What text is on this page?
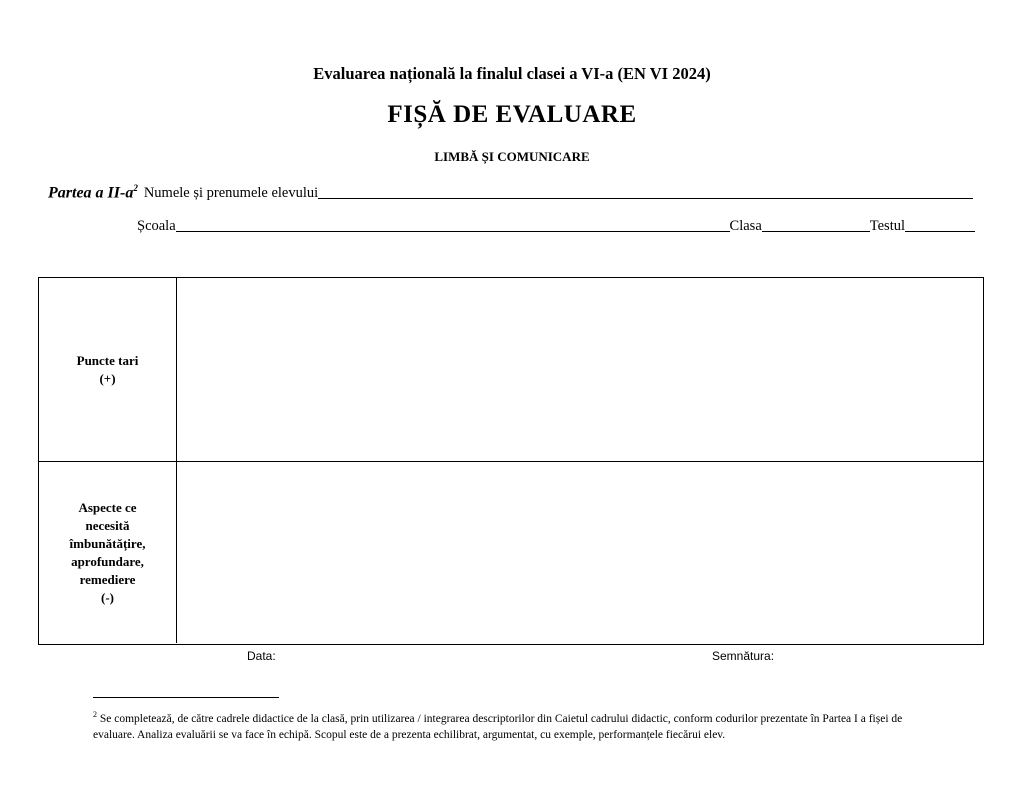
Evaluarea națională la finalul clasei a VI-a (EN VI 2024)
FIȘĂ DE EVALUARE
LIMBĂ ȘI COMUNICARE
Partea a $II-a^2$ Numele și prenumele elevului
Școala	Clasa	Testul
Puncte tari
(+)
Aspecte ce
necesită
îmbunătățire,
aprofundare,
remediere
(-)
Data:	Semnătura:
$^2$ Se completează, de către cadrele didactice de la clasă, prin utilizarea / integrarea descriptorilor din Caietul cadrului didactic, conform codurilor prezentate în Partea I a fișei de evaluare. Analiza evaluării se va face în echipă. Scopul este de a prezenta echilibrat, argumentat, cu exemple, performanțele fiecărui elev.
